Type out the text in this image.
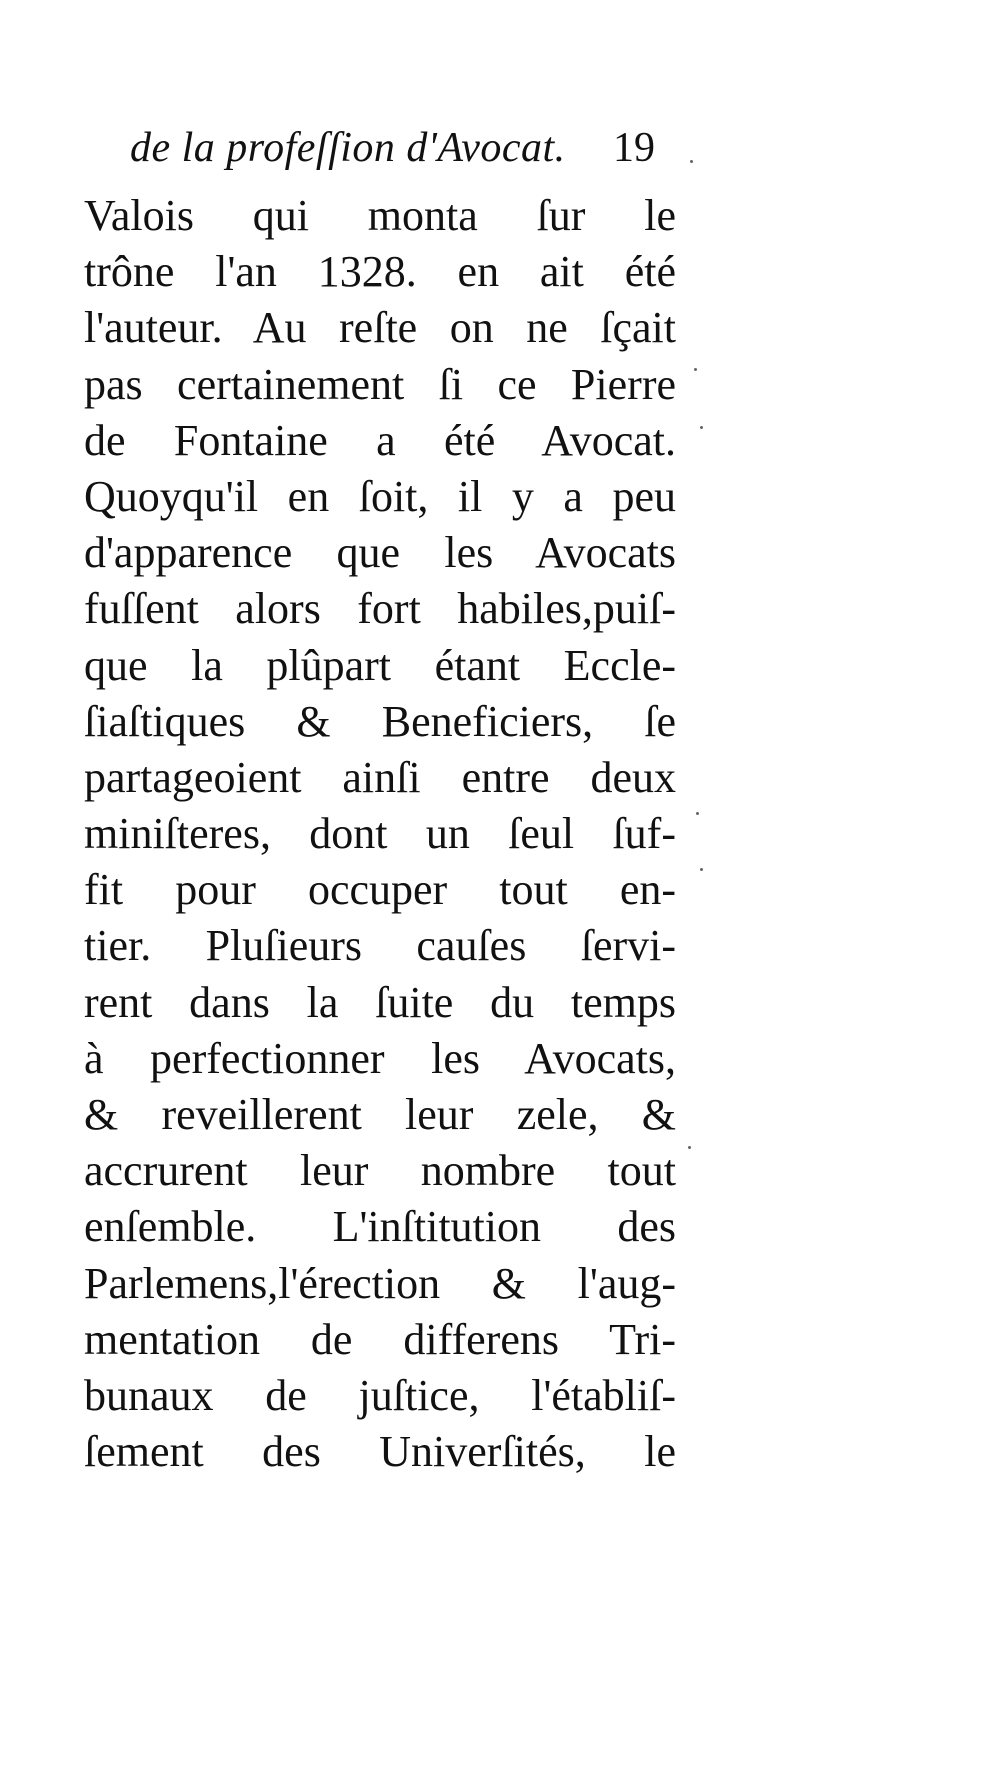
de la profeſſion d'Avocat. 19
Valois qui monta ſur le
trône l'an 1328. en ait été
l'auteur. Au reſte on ne ſçait
pas certainement ſi ce Pierre
de Fontaine a été Avocat.
Quoyqu'il en ſoit, il y a peu
d'apparence que les Avocats
fuſſent alors fort habiles,puiſ-
que la plûpart étant Eccle-
ſiaſtiques & Beneficiers, ſe
partageoient ainſi entre deux
miniſteres, dont un ſeul ſuf-
fit pour occuper tout en-
tier. Pluſieurs cauſes ſervi-
rent dans la ſuite du temps
à perfectionner les Avocats,
& reveillerent leur zele, &
accrurent leur nombre tout
enſemble. L'inſtitution des
Parlemens,l'érection & l'aug-
mentation de differens Tri-
bunaux de juſtice, l'établiſ-
ſement des Univerſités, le
